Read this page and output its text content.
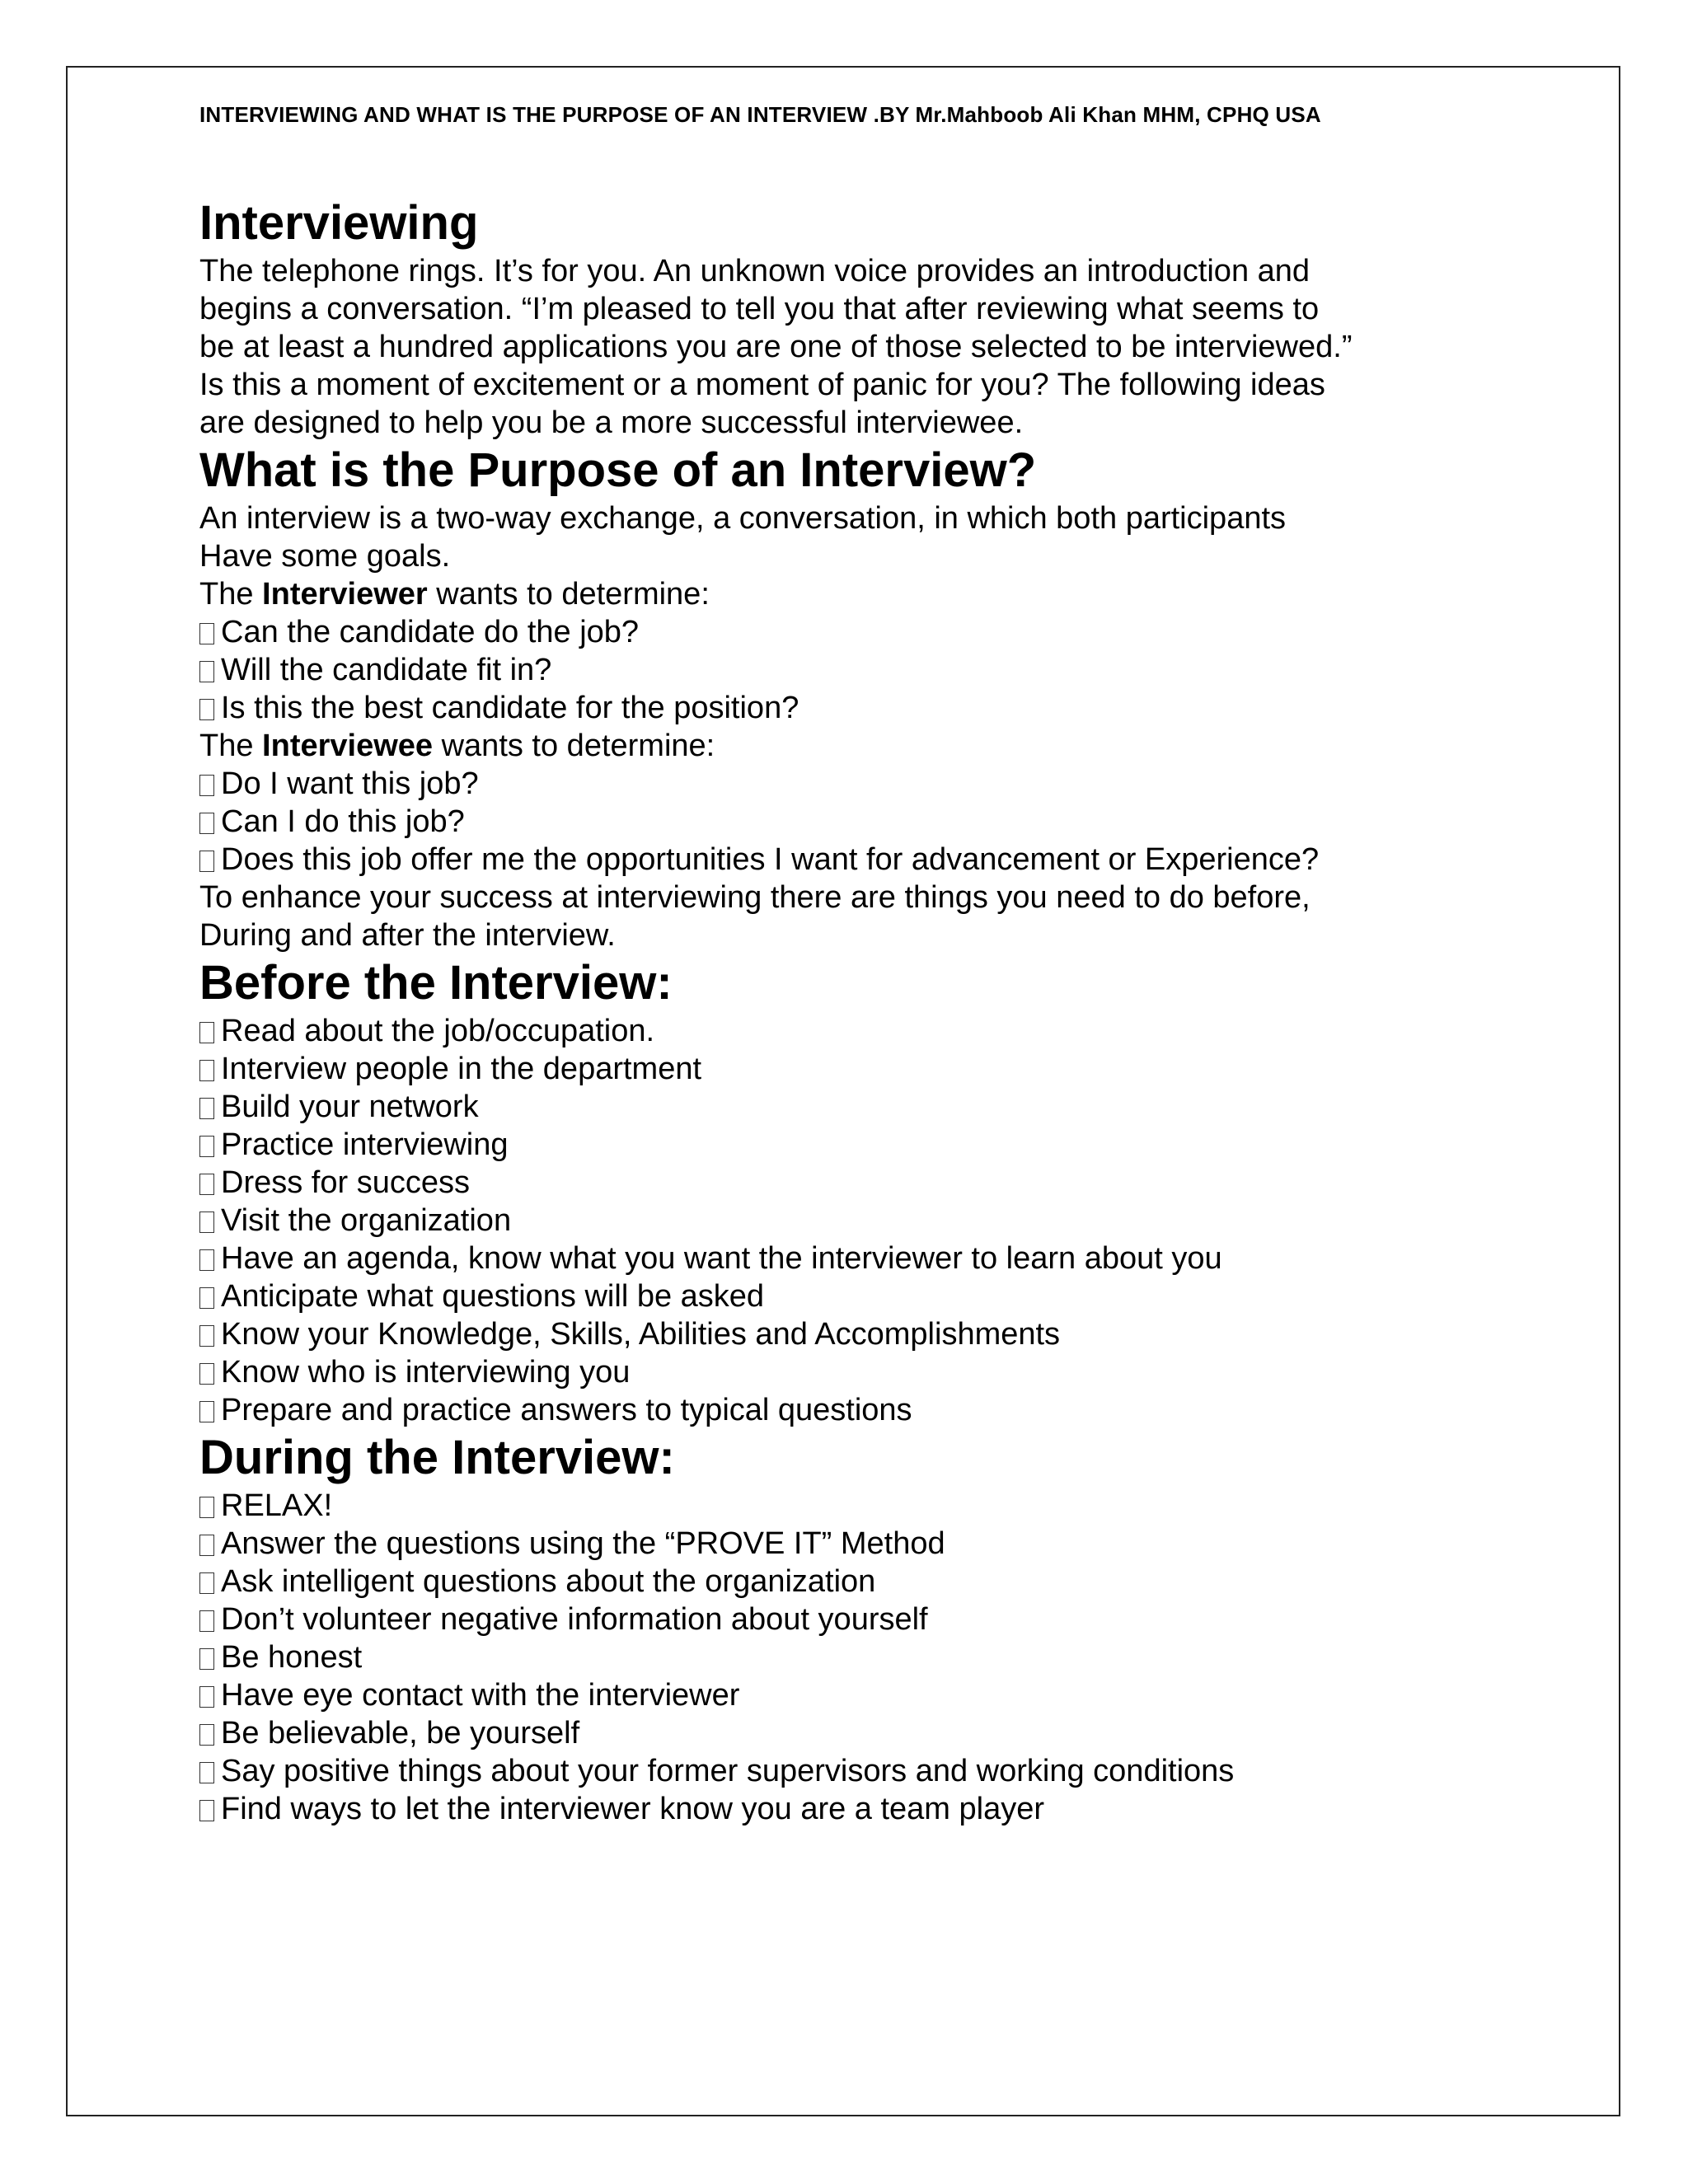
INTERVIEWING AND WHAT IS THE PURPOSE OF AN INTERVIEW .BY Mr.Mahboob Ali Khan MHM, CPHQ USA
Interviewing

The telephone rings. It’s for you. An unknown voice provides an introduction and

begins a conversation. “I’m pleased to tell you that after reviewing what seems to

be at least a hundred applications you are one of those selected to be interviewed.”

Is this a moment of excitement or a moment of panic for you? The following ideas

are designed to help you be a more successful interviewee.

What is the Purpose of an Interview?

An interview is a two-way exchange, a conversation, in which both participants

Have some goals.

The Interviewer wants to determine:

Can the candidate do the job?

Will the candidate fit in?

Is this the best candidate for the position?

The Interviewee wants to determine:

Do I want this job?

Can I do this job?

Does this job offer me the opportunities I want for advancement or Experience?

To enhance your success at interviewing there are things you need to do before,

During and after the interview.

Before the Interview:

Read about the job/occupation.

Interview people in the department

Build your network

Practice interviewing

Dress for success

Visit the organization

Have an agenda, know what you want the interviewer to learn about you

Anticipate what questions will be asked

Know your Knowledge, Skills, Abilities and Accomplishments

Know who is interviewing you

Prepare and practice answers to typical questions

During the Interview:

RELAX!

Answer the questions using the “PROVE IT” Method

Ask intelligent questions about the organization

Don’t volunteer negative information about yourself

Be honest

Have eye contact with the interviewer

Be believable, be yourself

Say positive things about your former supervisors and working conditions

Find ways to let the interviewer know you are a team player
